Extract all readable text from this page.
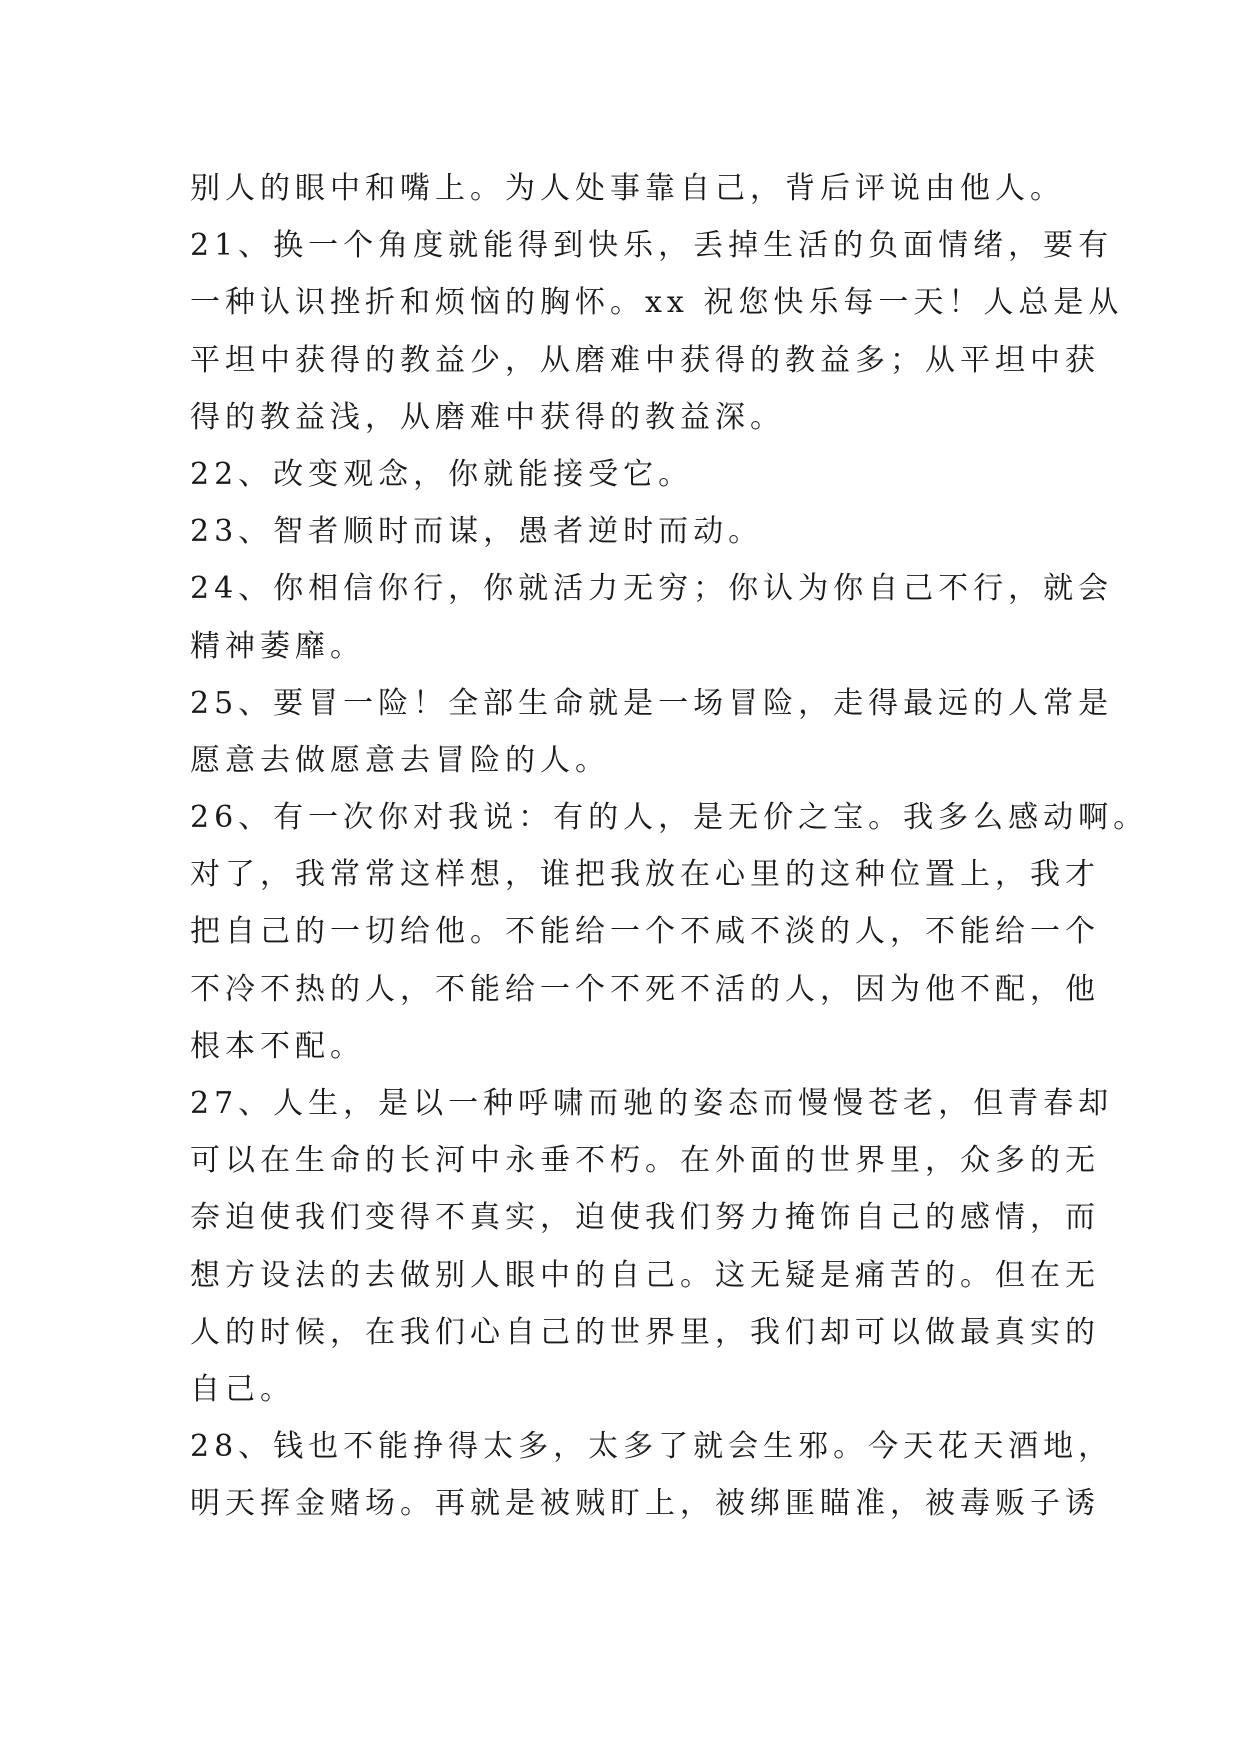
别人的眼中和嘴上。为人处事靠自己，背后评说由他人。
21、换一个角度就能得到快乐，丢掉生活的负面情绪，要有
一种认识挫折和烦恼的胸怀。xx 祝您快乐每一天！人总是从
平坦中获得的教益少，从磨难中获得的教益多；从平坦中获
得的教益浅，从磨难中获得的教益深。
22、改变观念，你就能接受它。
23、智者顺时而谋，愚者逆时而动。
24、你相信你行，你就活力无穷；你认为你自己不行，就会
精神萎靡。
25、要冒一险！全部生命就是一场冒险，走得最远的人常是
愿意去做愿意去冒险的人。
26、有一次你对我说：有的人，是无价之宝。我多么感动啊。
对了，我常常这样想，谁把我放在心里的这种位置上，我才
把自己的一切给他。不能给一个不咸不淡的人，不能给一个
不冷不热的人，不能给一个不死不活的人，因为他不配，他
根本不配。
27、人生，是以一种呼啸而驰的姿态而慢慢苍老，但青春却
可以在生命的长河中永垂不朽。在外面的世界里，众多的无
奈迫使我们变得不真实，迫使我们努力掩饰自己的感情，而
想方设法的去做别人眼中的自己。这无疑是痛苦的。但在无
人的时候，在我们心自己的世界里，我们却可以做最真实的
自己。
28、钱也不能挣得太多，太多了就会生邪。今天花天酒地，
明天挥金赌场。再就是被贼盯上，被绑匪瞄准，被毒贩子诱
